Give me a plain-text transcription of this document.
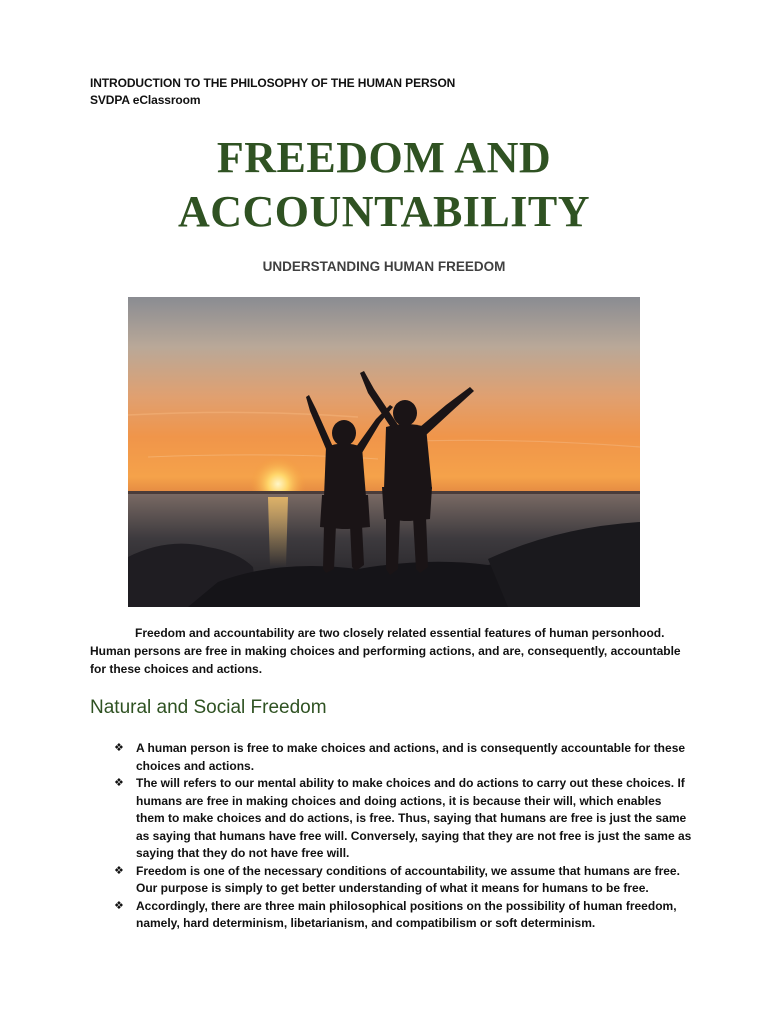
INTRODUCTION TO THE PHILOSOPHY OF THE HUMAN PERSON
SVDPA eClassroom
FREEDOM AND
ACCOUNTABILITY
UNDERSTANDING HUMAN FREEDOM
Freedom and accountability are two closely related essential features of human personhood.
Human persons are free in making choices and performing actions, and are, consequently, accountable
for these choices and actions.
Natural and Social Freedom
❖ A human person is free to make choices and actions, and is consequently accountable for these
choices and actions.
❖ The will refers to our mental ability to make choices and do actions to carry out these choices. If
humans are free in making choices and doing actions, it is because their will, which enables
them to make choices and do actions, is free. Thus, saying that humans are free is just the same
as saying that humans have free will. Conversely, saying that they are not free is just the same as
saying that they do not have free will.
❖ Freedom is one of the necessary conditions of accountability, we assume that humans are free.
Our purpose is simply to get better understanding of what it means for humans to be free.
❖ Accordingly, there are three main philosophical positions on the possibility of human freedom,
namely, hard determinism, libetarianism, and compatibilism or soft determinism.
